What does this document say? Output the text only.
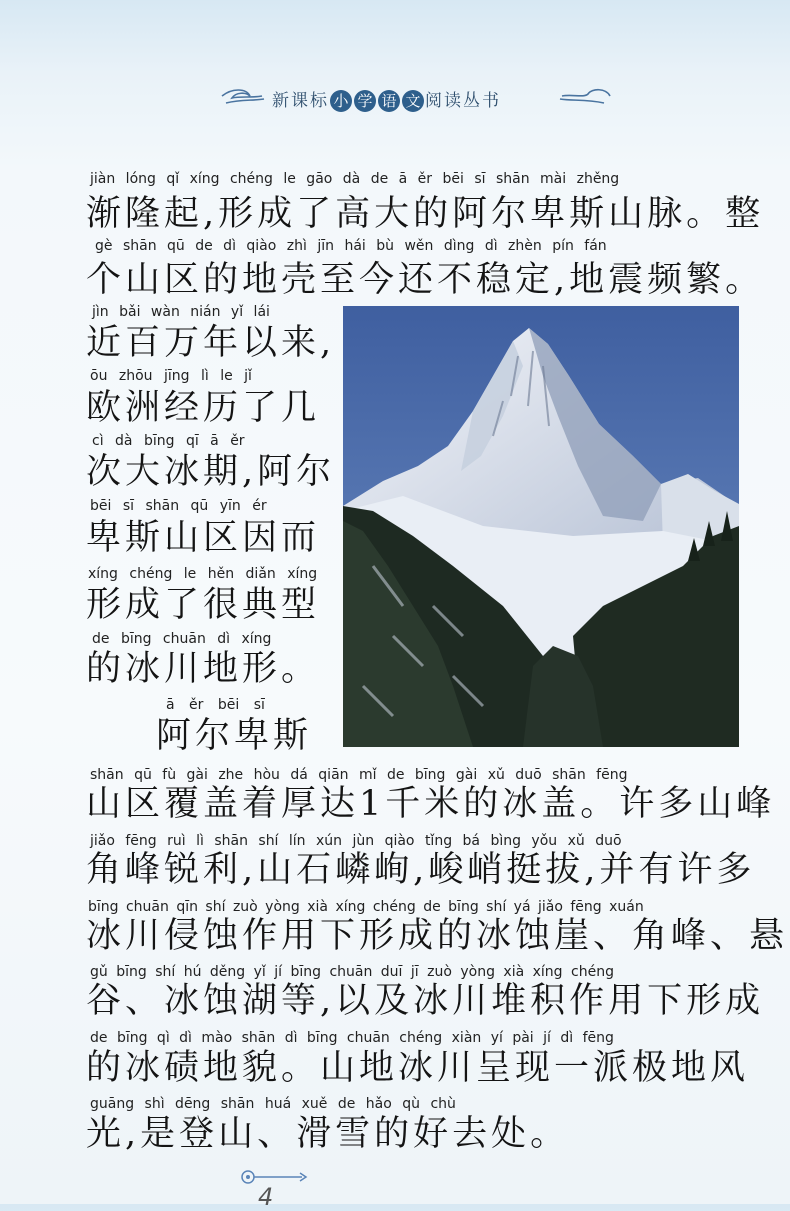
新课标 小 学 语 文 阅读丛书

jiàn lóng qǐ xíng chéng le gāo dà de ā ěr bēi sī shān mài zhěng

渐隆起,形成了高大的阿尔卑斯山脉。整

gè shān qū de dì qiào zhì jīn hái bù wěn dìng dì zhèn pín fán

个山区的地壳至今还不稳定,地震频繁。

jìn bǎi wàn nián yǐ lái

近百万年以来,

ōu zhōu jīng lì le jǐ

欧洲经历了几

cì dà bīng qī ā ěr

次大冰期,阿尔

bēi sī shān qū yīn ér

卑斯山区因而

xíng chéng le hěn diǎn xíng

形成了很典型

de bīng chuān dì xíng

的冰川地形。

ā ěr bēi sī

阿尔卑斯

shān qū fù gài zhe hòu dá qiān mǐ de bīng gài xǔ duō shān fēng

山区覆盖着厚达1千米的冰盖。许多山峰

jiǎo fēng ruì lì shān shí lín xún jùn qiào tǐng bá bìng yǒu xǔ duō

角峰锐利,山石嶙峋,峻峭挺拔,并有许多

bīng chuān qīn shí zuò yòng xià xíng chéng de bīng shí yá jiǎo fēng xuán

冰川侵蚀作用下形成的冰蚀崖、角峰、悬

gǔ bīng shí hú děng yǐ jí bīng chuān duī jī zuò yòng xià xíng chéng

谷、冰蚀湖等,以及冰川堆积作用下形成

de bīng qì dì mào shān dì bīng chuān chéng xiàn yí pài jí dì fēng

的冰碛地貌。山地冰川呈现一派极地风

guāng shì dēng shān huá xuě de hǎo qù chù

光,是登山、滑雪的好去处。

4
